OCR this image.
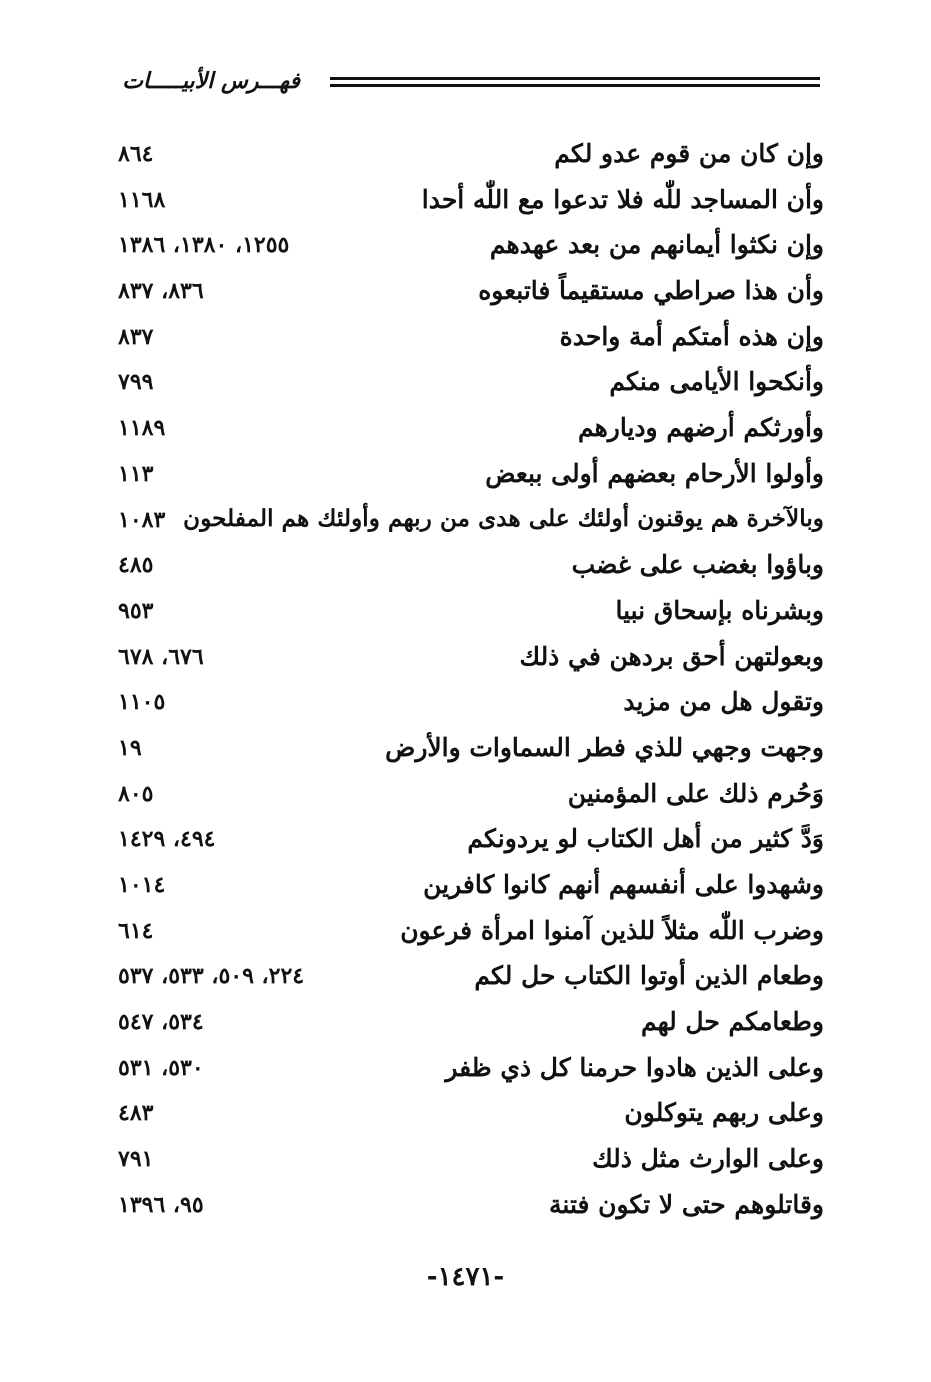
فهـــرس الأبيـــــات
وإن كان من قوم عدو لكم
٨٦٤
وأن المساجد للّٰه فلا تدعوا مع اللّٰه أحدا
١١٦٨
وإن نكثوا أيمانهم من بعد عهدهم
١٢٥٥، ١٣٨٠، ١٣٨٦
وأن هذا صراطي مستقيماً فاتبعوه
٨٣٦، ٨٣٧
وإن هذه أمتكم أمة واحدة
٨٣٧
وأنكحوا الأيامى منكم
٧٩٩
وأورثكم أرضهم وديارهم
١١٨٩
وأولوا الأرحام بعضهم أولى ببعض
١١٣
وبالآخرة هم يوقنون أولئك على هدى من ربهم وأولئك هم المفلحون
١٠٨٣
وباؤوا بغضب على غضب
٤٨٥
وبشرناه بإسحاق نبيا
٩٥٣
وبعولتهن أحق بردهن في ذلك
٦٧٦، ٦٧٨
وتقول هل من مزيد
١١٠٥
وجهت وجهي للذي فطر السماوات والأرض
١٩
وَحُرم ذلك على المؤمنين
٨٠٥
وَدَّ كثير من أهل الكتاب لو يردونكم
٤٩٤، ١٤٢٩
وشهدوا على أنفسهم أنهم كانوا كافرين
١٠١٤
وضرب اللّٰه مثلاً للذين آمنوا امرأة فرعون
٦١٤
وطعام الذين أوتوا الكتاب حل لكم
٢٢٤، ٥٠٩، ٥٣٣، ٥٣٧
وطعامكم حل لهم
٥٣٤، ٥٤٧
وعلى الذين هادوا حرمنا كل ذي ظفر
٥٣٠، ٥٣١
وعلى ربهم يتوكلون
٤٨٣
وعلى الوارث مثل ذلك
٧٩١
وقاتلوهم حتى لا تكون فتنة
٩٥، ١٣٩٦
-١٤٧١-
